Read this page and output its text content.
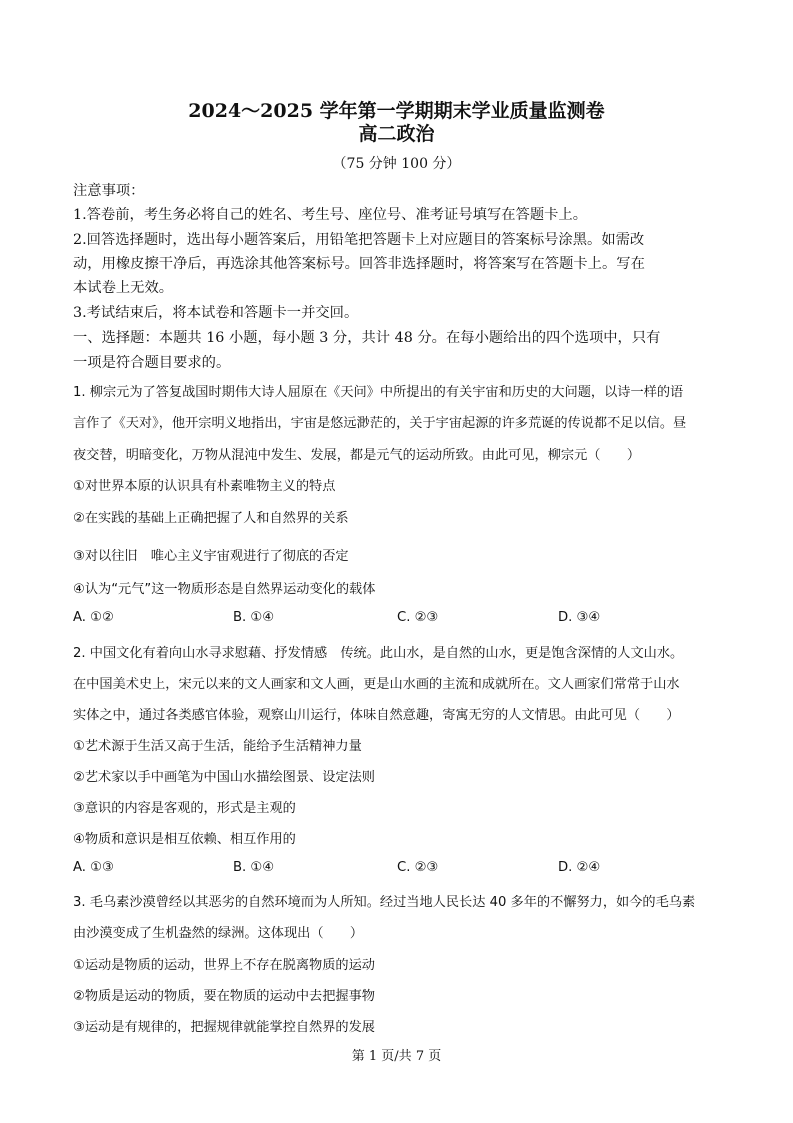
2024～2025 学年第一学期期末学业质量监测卷
高二政治
（75 分钟 100 分）
注意事项：
1.答卷前，考生务必将自己的姓名、考生号、座位号、准考证号填写在答题卡上。
2.回答选择题时，选出每小题答案后，用铅笔把答题卡上对应题目的答案标号涂黑。如需改
动，用橡皮擦干净后，再选涂其他答案标号。回答非选择题时，将答案写在答题卡上。写在
本试卷上无效。
3.考试结束后，将本试卷和答题卡一并交回。
一、选择题：本题共 16 小题，每小题 3 分，共计 48 分。在每小题给出的四个选项中，只有
一项是符合题目要求的。
1. 柳宗元为了答复战国时期伟大诗人屈原在《天问》中所提出的有关宇宙和历史的大问题，以诗一样的语
言作了《天对》，他开宗明义地指出，宇宙是悠远渺茫的，关于宇宙起源的许多荒诞的传说都不足以信。昼
夜交替，明暗变化，万物从混沌中发生、发展，都是元气的运动所致。由此可见，柳宗元（　　）
①对世界本原的认识具有朴素唯物主义的特点
②在实践的基础上正确把握了人和自然界的关系
③对以往旧　唯心主义宇宙观进行了彻底的否定
④认为“元气”这一物质形态是自然界运动变化的载体
A. ①②	B. ①④	C. ②③	D. ③④
2. 中国文化有着向山水寻求慰藉、抒发情感　传统。此山水，是自然的山水，更是饱含深情的人文山水。
在中国美术史上，宋元以来的文人画家和文人画，更是山水画的主流和成就所在。文人画家们常常于山水
实体之中，通过各类感官体验，观察山川运行，体味自然意趣，寄寓无穷的人文情思。由此可见（　　）
①艺术源于生活又高于生活，能给予生活精神力量
②艺术家以手中画笔为中国山水描绘图景、设定法则
③意识的内容是客观的，形式是主观的
④物质和意识是相互依赖、相互作用的
A. ①③	B. ①④	C. ②③	D. ②④
3. 毛乌素沙漠曾经以其恶劣的自然环境而为人所知。经过当地人民长达 40 多年的不懈努力，如今的毛乌素
由沙漠变成了生机盎然的绿洲。这体现出（　　）
①运动是物质的运动，世界上不存在脱离物质的运动
②物质是运动的物质，要在物质的运动中去把握事物
③运动是有规律的，把握规律就能掌控自然界的发展
第 1 页/共 7 页
